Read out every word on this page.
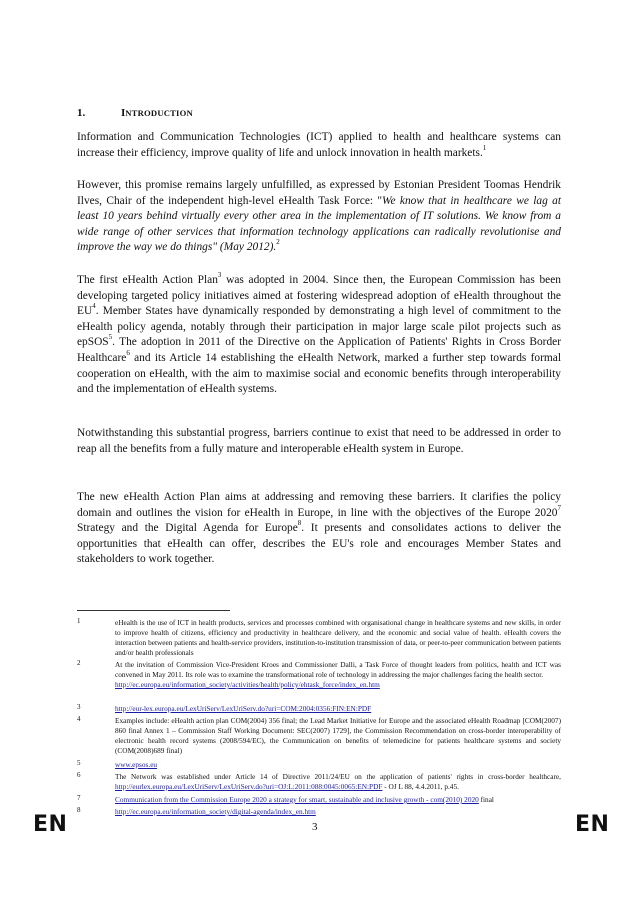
1.	INTRODUCTION

Information and Communication Technologies (ICT) applied to health and healthcare systems can increase their efficiency, improve quality of life and unlock innovation in health markets.$^1$

However, this promise remains largely unfulfilled, as expressed by Estonian President Toomas Hendrik Ilves, Chair of the independent high-level eHealth Task Force: "We know that in healthcare we lag at least 10 years behind virtually every other area in the implementation of IT solutions. We know from a wide range of other services that information technology applications can radically revolutionise and improve the way we do things" (May 2012).$^2$

The first eHealth Action Plan$^3$ was adopted in 2004. Since then, the European Commission has been developing targeted policy initiatives aimed at fostering widespread adoption of eHealth throughout the $EU^4$. Member States have dynamically responded by demonstrating a high level of commitment to the eHealth policy agenda, notably through their participation in major large scale pilot projects such as epSOS$^5$. The adoption in 2011 of the Directive on the Application of Patients' Rights in Cross Border Healthcare$^6$ and its Article 14 establishing the eHealth Network, marked a further step towards formal cooperation on eHealth, with the aim to maximise social and economic benefits through interoperability and the implementation of eHealth systems.

Notwithstanding this substantial progress, barriers continue to exist that need to be addressed in order to reap all the benefits from a fully mature and interoperable eHealth system in Europe.

The new eHealth Action Plan aims at addressing and removing these barriers. It clarifies the policy domain and outlines the vision for eHealth in Europe, in line with the objectives of the Europe 2020$^7$ Strategy and the Digital Agenda for Europe$^8$. It presents and consolidates actions to deliver the opportunities that eHealth can offer, describes the EU's role and encourages Member States and stakeholders to work together.

1	eHealth is the use of ICT in health products, services and processes combined with organisational change in healthcare systems and new skills, in order to improve health of citizens, efficiency and productivity in healthcare delivery, and the economic and social value of health. eHealth covers the interaction between patients and health-service providers, institution-to-institution transmission of data, or peer-to-peer communication between patients and/or health professionals
2	At the invitation of Commission Vice-President Kroes and Commissioner Dalli, a Task Force of thought leaders from politics, health and ICT was convened in May 2011. Its role was to examine the transformational role of technology in addressing the major challenges facing the health sector.
http://ec.europa.eu/information_society/activities/health/policy/ehtask_force/index_en.htm
3	http://eur-lex.europa.eu/LexUriServ/LexUriServ.do?uri=COM:2004:0356:FIN:EN:PDF
4	Examples include: eHealth action plan COM(2004) 356 final; the Lead Market Initiative for Europe and the associated eHealth Roadmap [COM(2007) 860 final Annex 1 – Commission Staff Working Document: SEC(2007) 1729], the Commission Recommendation on cross-border interoperability of electronic health record systems (2008/594/EC), the Communication on benefits of telemedicine for patients healthcare systems and society (COM(2008)689 final)
5	www.epsos.eu
6	The Network was established under Article 14 of Directive 2011/24/EU on the application of patients' rights in cross-border healthcare, http://eurlex.europa.eu/LexUriServ/LexUriServ.do?uri=OJ:L:2011:088:0045:0065:EN:PDF - OJ L 88, 4.4.2011, p.45.
7	Communication from the Commission Europe 2020 a strategy for smart, sustainable and inclusive growth - com(2010) 2020 final
8	http://ec.europa.eu/information_society/digital-agenda/index_en.htm
EN	3	EN
